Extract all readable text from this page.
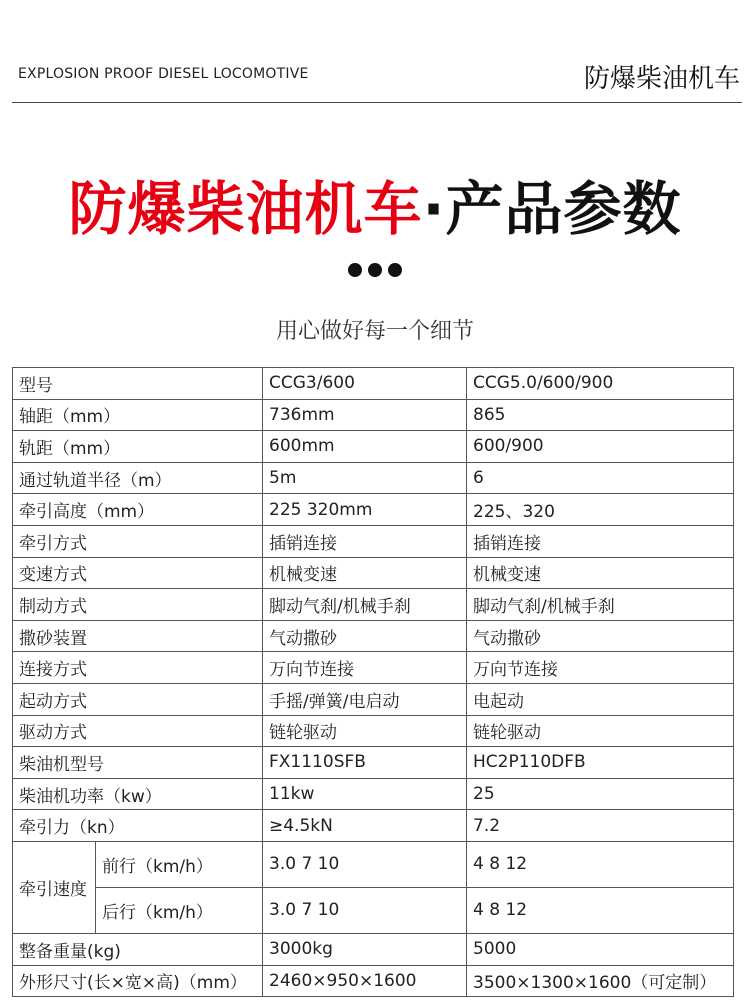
EXPLOSION PROOF DIESEL LOCOMOTIVE	防爆柴油机车
防爆柴油机车·产品参数
用心做好每一个细节
型号		CCG3/600	CCG5.0/600/900
轴距（mm）		736mm	865
轨距（mm）		600mm	600/900
通过轨道半径（m）		5m	6
牵引高度（mm）		225 320mm	225、320
牵引方式		插销连接	插销连接
变速方式		机械变速	机械变速
制动方式		脚动气刹/机械手刹	脚动气刹/机械手刹
撒砂装置		气动撒砂	气动撒砂
连接方式		万向节连接	万向节连接
起动方式		手摇/弹簧/电启动	电起动
驱动方式		链轮驱动	链轮驱动
柴油机型号		FX1110SFB	HC2P110DFB
柴油机功率（kw）		11kw	25
牵引力（kn）		≥4.5kN	7.2
牵引速度	前行（km/h）	3.0 7 10	4 8 12
	后行（km/h）	3.0 7 10	4 8 12
整备重量(kg)		3000kg	5000
外形尺寸(长×宽×高)（mm）		2460×950×1600	3500×1300×1600（可定制）
